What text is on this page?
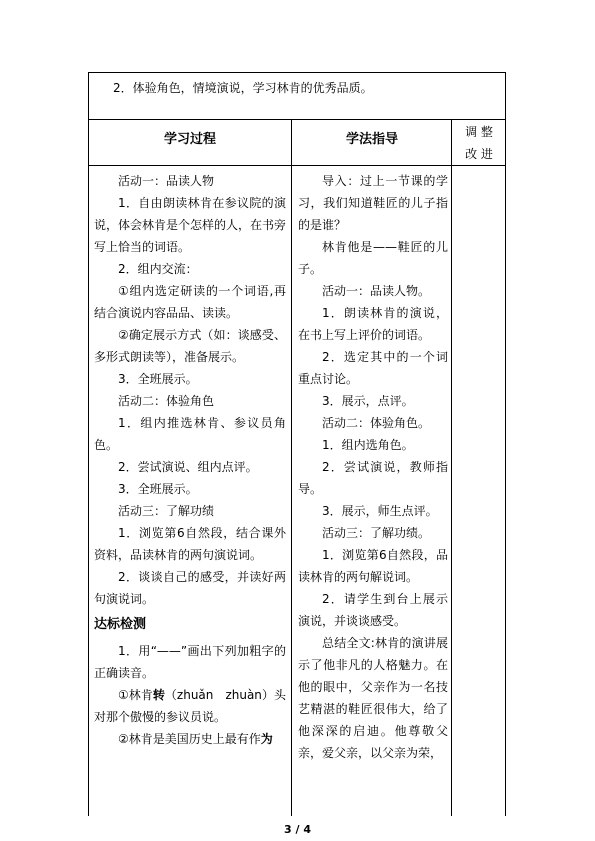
2．体验角色，情境演说，学习林肯的优秀品质。
学习过程	学法指导	调 整
改 进

活动一：品读人物

1．自由朗读林肯在参议院的演说，体会林肯是个怎样的人，在书旁写上恰当的词语。

2．组内交流：

①组内选定研读的一个词语,再结合演说内容品品、读读。

②确定展示方式（如：谈感受、多形式朗读等），准备展示。

3．全班展示。

活动二：体验角色

1．组内推选林肯、参议员角色。

2．尝试演说、组内点评。

3．全班展示。

活动三：了解功绩

1．浏览第6自然段，结合课外资料，品读林肯的两句演说词。

2．谈谈自己的感受，并读好两句演说词。

达标检测

1．用“——”画出下列加粗字的正确读音。

①林肯转（zhuǎn　zhuàn）头对那个傲慢的参议员说。

②林肯是美国历史上最有作为

导入：过上一节课的学习，我们知道鞋匠的儿子指的是谁？

林肯他是——鞋匠的儿子。

活动一：品读人物。

1．朗读林肯的演说，在书上写上评价的词语。

2．选定其中的一个词重点讨论。

3．展示，点评。

活动二：体验角色。

1．组内选角色。

2．尝试演说，教师指导。

3．展示，师生点评。

活动三：了解功绩。

1．浏览第6自然段，品读林肯的两句解说词。

2．请学生到台上展示演说，并谈谈感受。

总结全文:林肯的演讲展示了他非凡的人格魅力。在他的眼中，父亲作为一名技艺精湛的鞋匠很伟大，给了他深深的启迪。他尊敬父亲，爱父亲，以父亲为荣，

3 / 4
